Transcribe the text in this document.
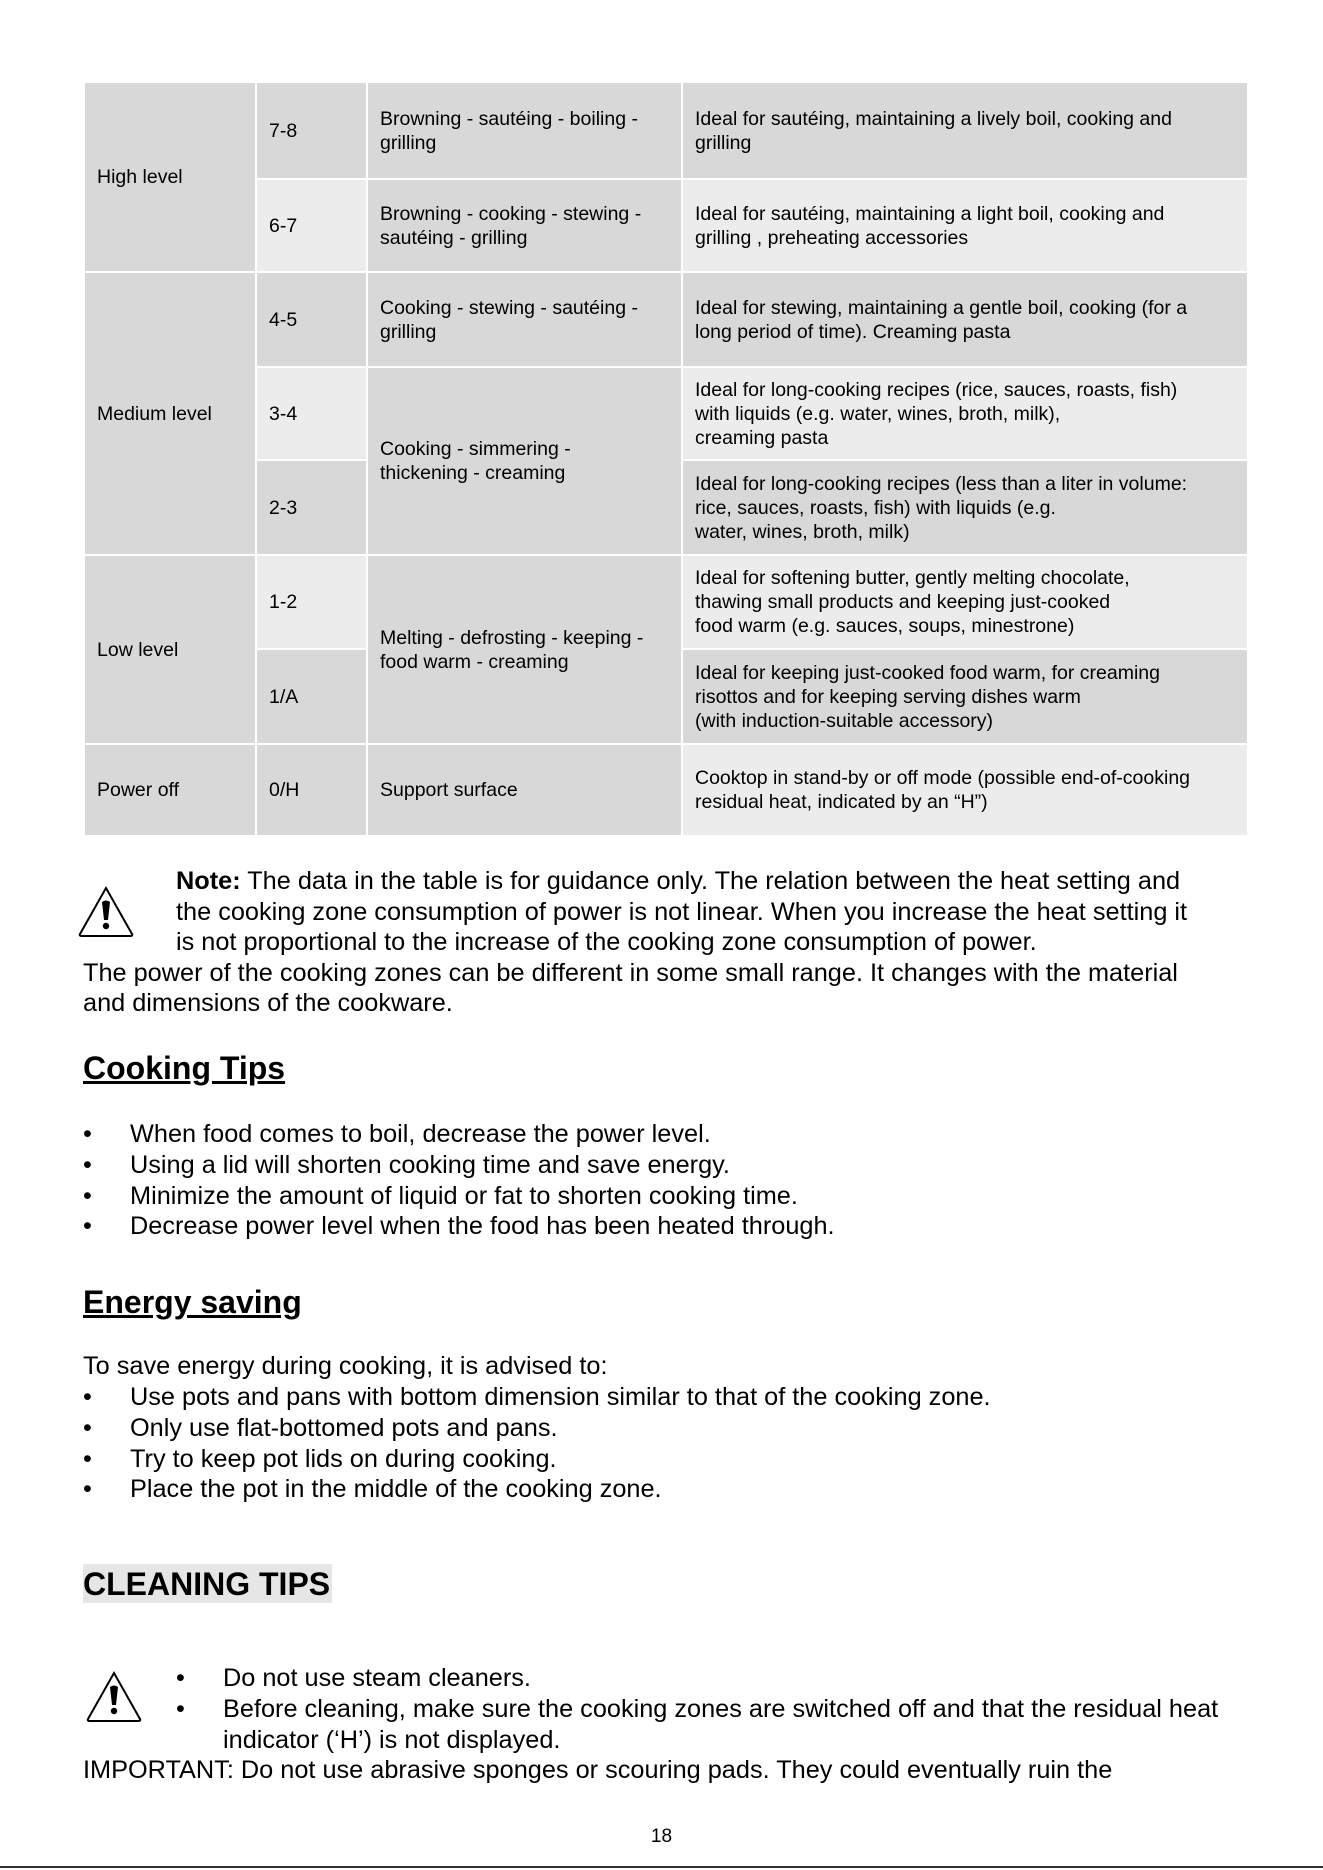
High level	7-8	Browning - sautéing - boiling -
grilling	Ideal for sautéing, maintaining a lively boil, cooking and
grilling
	6-7	Browning - cooking - stewing -
sautéing - grilling	Ideal for sautéing, maintaining a light boil, cooking and
grilling , preheating accessories
Medium level	4-5	Cooking - stewing - sautéing -
grilling	Ideal for stewing, maintaining a gentle boil, cooking (for a
long period of time). Creaming pasta
	3-4	Cooking - simmering -
thickening - creaming	Ideal for long-cooking recipes (rice, sauces, roasts, fish)
with liquids (e.g. water, wines, broth, milk),
creaming pasta
	2-3		Ideal for long-cooking recipes (less than a liter in volume:
rice, sauces, roasts, fish) with liquids (e.g.
water, wines, broth, milk)
Low level	1-2	Melting - defrosting - keeping -
food warm - creaming	Ideal for softening butter, gently melting chocolate,
thawing small products and keeping just-cooked
food warm (e.g. sauces, soups, minestrone)
	1/A		Ideal for keeping just-cooked food warm, for creaming
risottos and for keeping serving dishes warm
(with induction-suitable accessory)
Power off	0/H	Support surface	Cooktop in stand-by or off mode (possible end-of-cooking
residual heat, indicated by an “H”)

Note: The data in the table is for guidance only. The relation between the heat setting and

the cooking zone consumption of power is not linear. When you increase the heat setting it

is not proportional to the increase of the cooking zone consumption of power.

The power of the cooking zones can be different in some small range. It changes with the material

and dimensions of the cookware.

Cooking Tips
• When food comes to boil, decrease the power level.
• Using a lid will shorten cooking time and save energy.
• Minimize the amount of liquid or fat to shorten cooking time.
• Decrease power level when the food has been heated through.
Energy saving

To save energy during cooking, it is advised to:

• Use pots and pans with bottom dimension similar to that of the cooking zone.
• Only use flat-bottomed pots and pans.
• Try to keep pot lids on during cooking.
• Place the pot in the middle of the cooking zone.
CLEANING TIPS
• Do not use steam cleaners.
• Before cleaning, make sure the cooking zones are switched off and that the residual heat indicator (‘H’) is not displayed.

IMPORTANT: Do not use abrasive sponges or scouring pads. They could eventually ruin the

18
